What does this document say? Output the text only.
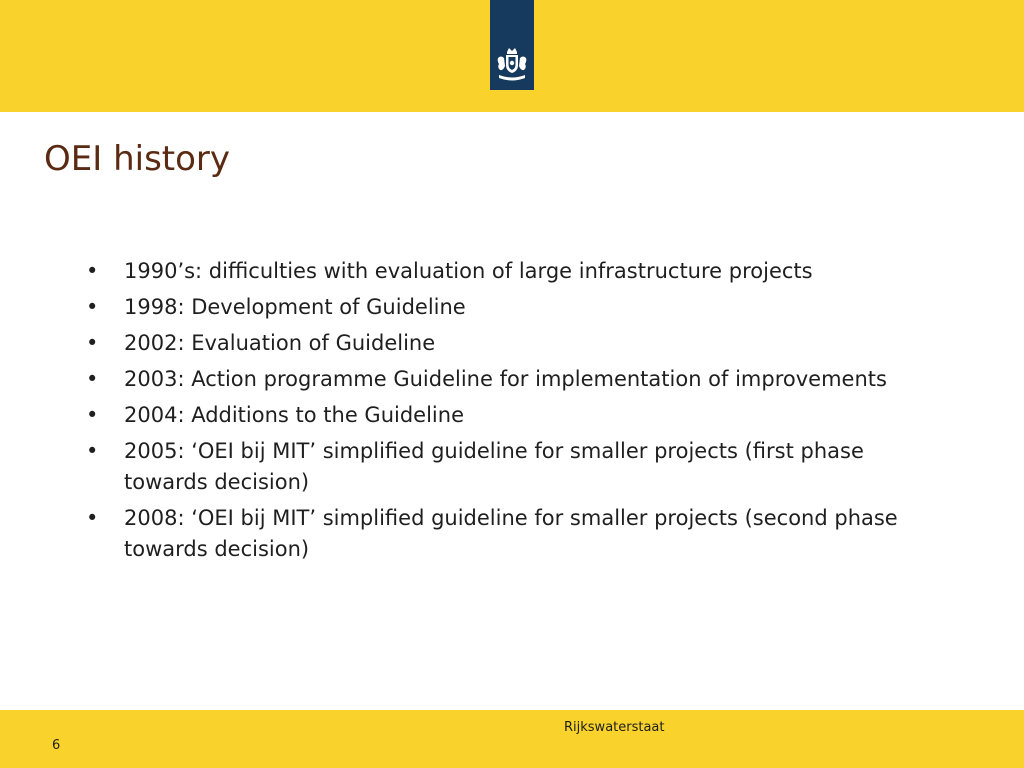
OEI history
• 1990’s: difficulties with evaluation of large infrastructure projects
• 1998: Development of Guideline
• 2002: Evaluation of Guideline
• 2003: Action programme Guideline for implementation of improvements
• 2004: Additions to the Guideline
• 2005: ‘OEI bij MIT’ simplified guideline for smaller projects (first phase towards decision)
• 2008: ‘OEI bij MIT’ simplified guideline for smaller projects (second phase towards decision)
Rijkswaterstaat
6
